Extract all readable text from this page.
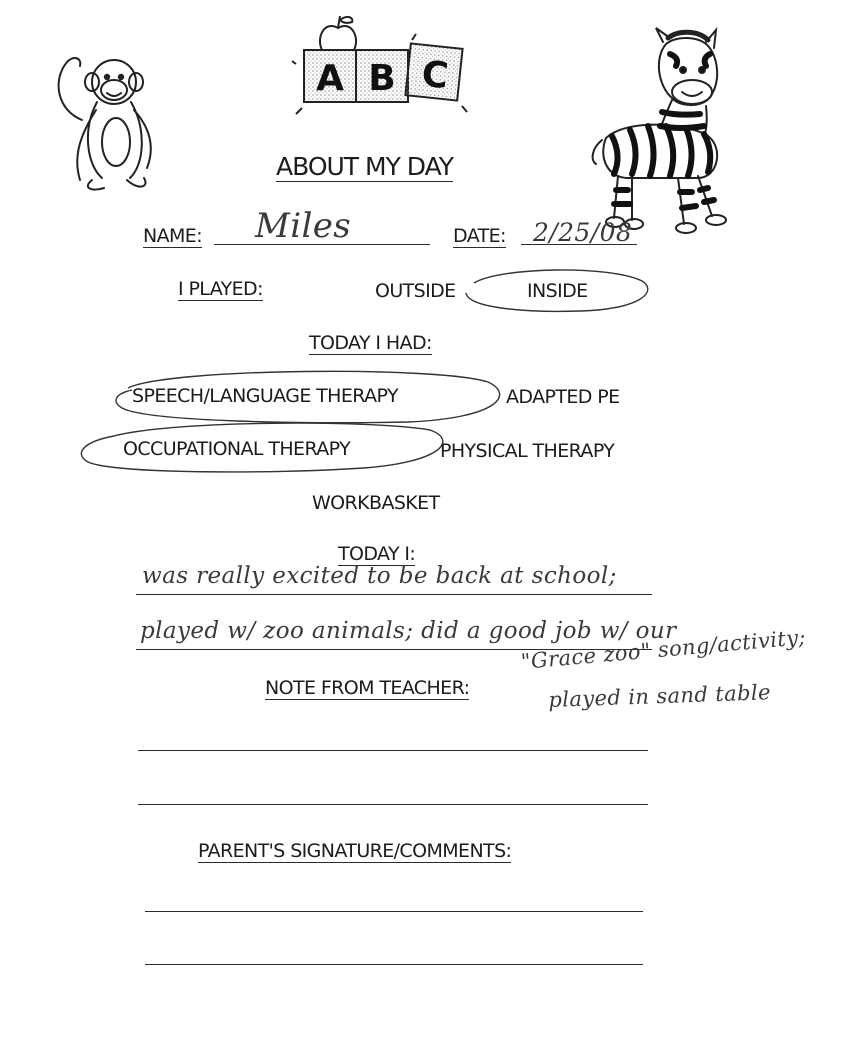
A B C
ABOUT MY DAY
NAME: Miles	DATE: 2/25/08
I PLAYED:	OUTSIDE	INSIDE
TODAY I HAD:
SPEECH/LANGUAGE THERAPY	ADAPTED PE
OCCUPATIONAL THERAPY	PHYSICAL THERAPY
WORKBASKET
TODAY I:
was really excited to be back at school;
played w/ zoo animals; did a good job w/ our
"Grace zoo" song/activity;
played in sand table
NOTE FROM TEACHER:
PARENT'S SIGNATURE/COMMENTS:
